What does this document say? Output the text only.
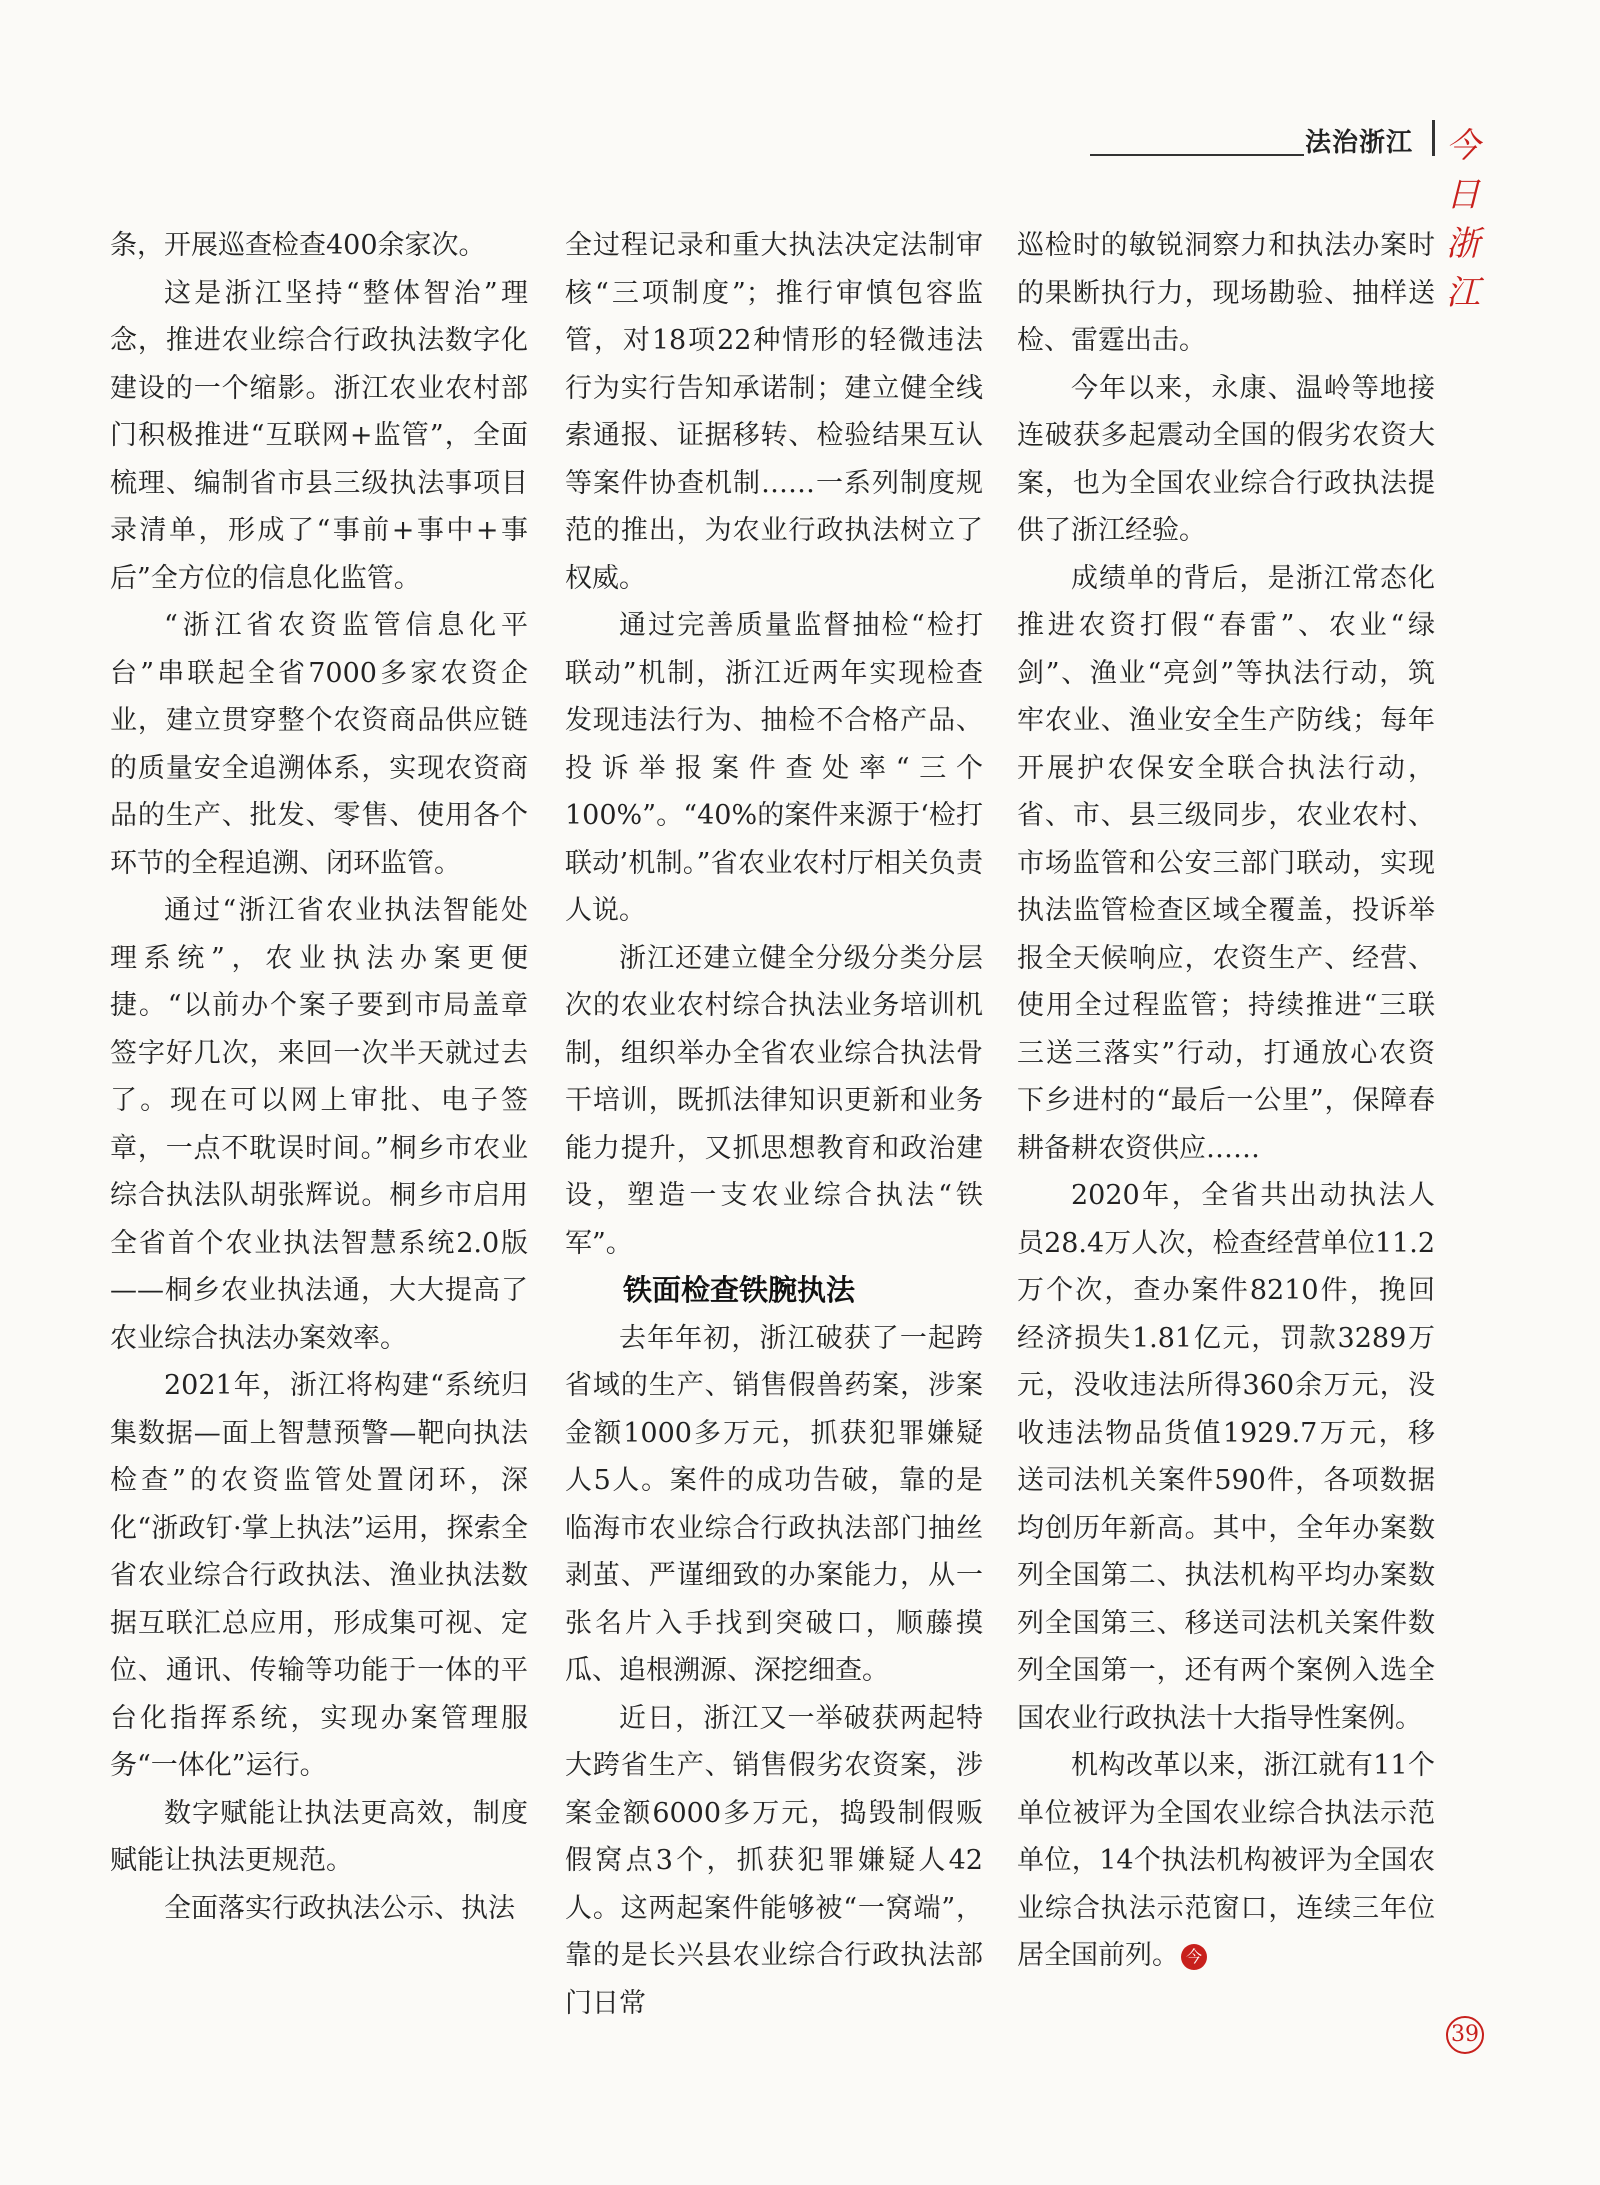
法治浙江 今日浙江

条，开展巡查检查400余家次。

这是浙江坚持“整体智治”理念，推进农业综合行政执法数字化建设的一个缩影。浙江农业农村部门积极推进“互联网+监管”，全面梳理、编制省市县三级执法事项目录清单，形成了“事前+事中+事后”全方位的信息化监管。

“浙江省农资监管信息化平台”串联起全省7000多家农资企业，建立贯穿整个农资商品供应链的质量安全追溯体系，实现农资商品的生产、批发、零售、使用各个环节的全程追溯、闭环监管。

通过“浙江省农业执法智能处理系统”，农业执法办案更便捷。“以前办个案子要到市局盖章签字好几次，来回一次半天就过去了。现在可以网上审批、电子签章，一点不耽误时间。”桐乡市农业综合执法队胡张辉说。桐乡市启用全省首个农业执法智慧系统2.0版——桐乡农业执法通，大大提高了农业综合执法办案效率。

2021年，浙江将构建“系统归集数据—面上智慧预警—靶向执法检查”的农资监管处置闭环，深化“浙政钉·掌上执法”运用，探索全省农业综合行政执法、渔业执法数据互联汇总应用，形成集可视、定位、通讯、传输等功能于一体的平台化指挥系统，实现办案管理服务“一体化”运行。

数字赋能让执法更高效，制度赋能让执法更规范。

全面落实行政执法公示、执法

全过程记录和重大执法决定法制审核“三项制度”；推行审慎包容监管，对18项22种情形的轻微违法行为实行告知承诺制；建立健全线索通报、证据移转、检验结果互认等案件协查机制……一系列制度规范的推出，为农业行政执法树立了权威。

通过完善质量监督抽检“检打联动”机制，浙江近两年实现检查发现违法行为、抽检不合格产品、投诉举报案件查处率“三个100%”。“40%的案件来源于‘检打联动’机制。”省农业农村厅相关负责人说。

浙江还建立健全分级分类分层次的农业农村综合执法业务培训机制，组织举办全省农业综合执法骨干培训，既抓法律知识更新和业务能力提升，又抓思想教育和政治建设，塑造一支农业综合执法“铁军”。

铁面检查铁腕执法

去年年初，浙江破获了一起跨省域的生产、销售假兽药案，涉案金额1000多万元，抓获犯罪嫌疑人5人。案件的成功告破，靠的是临海市农业综合行政执法部门抽丝剥茧、严谨细致的办案能力，从一张名片入手找到突破口，顺藤摸瓜、追根溯源、深挖细查。

近日，浙江又一举破获两起特大跨省生产、销售假劣农资案，涉案金额6000多万元，捣毁制假贩假窝点3个，抓获犯罪嫌疑人42人。这两起案件能够被“一窝端”，靠的是长兴县农业综合行政执法部门日常

巡检时的敏锐洞察力和执法办案时的果断执行力，现场勘验、抽样送检、雷霆出击。

今年以来，永康、温岭等地接连破获多起震动全国的假劣农资大案，也为全国农业综合行政执法提供了浙江经验。

成绩单的背后，是浙江常态化推进农资打假“春雷”、农业“绿剑”、渔业“亮剑”等执法行动，筑牢农业、渔业安全生产防线；每年开展护农保安全联合执法行动，省、市、县三级同步，农业农村、市场监管和公安三部门联动，实现执法监管检查区域全覆盖，投诉举报全天候响应，农资生产、经营、使用全过程监管；持续推进“三联三送三落实”行动，打通放心农资下乡进村的“最后一公里”，保障春耕备耕农资供应……

2020年，全省共出动执法人员28.4万人次，检查经营单位11.2万个次，查办案件8210件，挽回经济损失1.81亿元，罚款3289万元，没收违法所得360余万元，没收违法物品货值1929.7万元，移送司法机关案件590件，各项数据均创历年新高。其中，全年办案数列全国第二、执法机构平均办案数列全国第三、移送司法机关案件数列全国第一，还有两个案例入选全国农业行政执法十大指导性案例。

机构改革以来，浙江就有11个单位被评为全国农业综合执法示范单位，14个执法机构被评为全国农业综合执法示范窗口，连续三年位居全国前列。 今

39
